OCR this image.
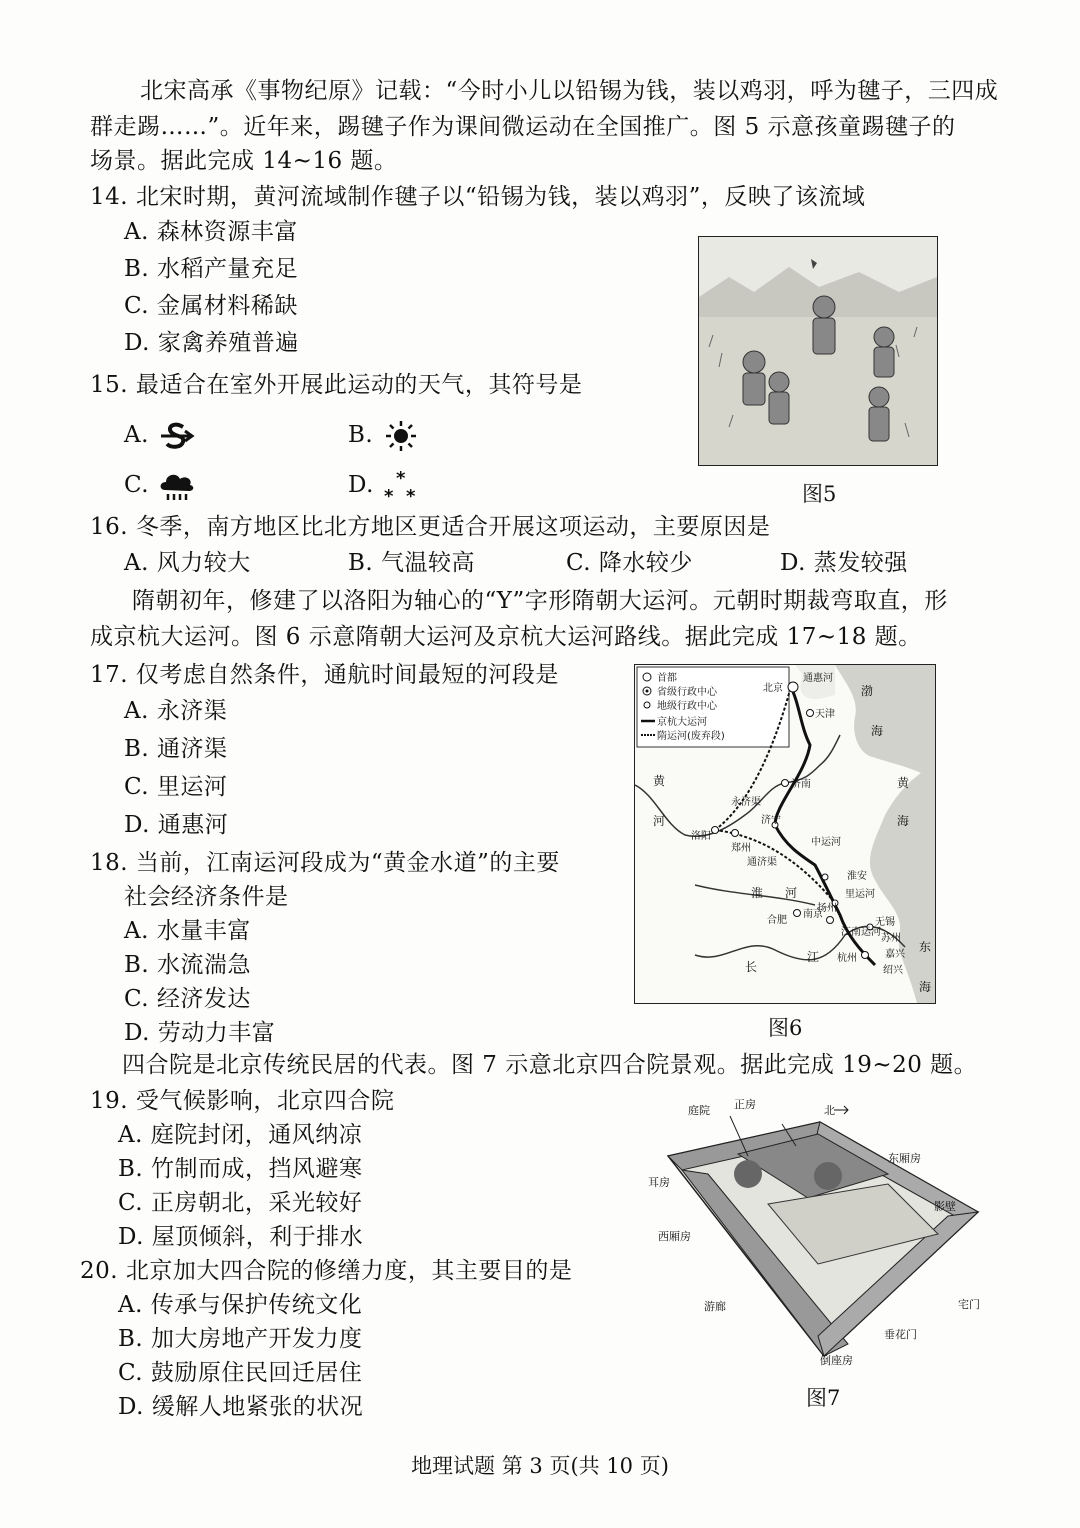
北宋高承《事物纪原》记载：“今时小儿以铅锡为钱，装以鸡羽，呼为毽子，三四成
群走踢……”。近年来，踢毽子作为课间微运动在全国推广。图 5 示意孩童踢毽子的
场景。据此完成 14~16 题。
14. 北宋时期，黄河流域制作毽子以“铅锡为钱，装以鸡羽”，反映了该流域
A. 森林资源丰富
B. 水稻产量充足
C. 金属材料稀缺
D. 家禽养殖普遍
15. 最适合在室外开展此运动的天气，其符号是
A.	B.
C.	D. *
* *	图5
16. 冬季，南方地区比北方地区更适合开展这项运动，主要原因是
A. 风力较大	B. 气温较高	C. 降水较少	D. 蒸发较强
隋朝初年，修建了以洛阳为轴心的“Y”字形隋朝大运河。元朝时期裁弯取直，形
成京杭大运河。图 6 示意隋朝大运河及京杭大运河路线。据此完成 17~18 题。
17. 仅考虑自然条件，通航时间最短的河段是
A. 永济渠
B. 通济渠
C. 里运河
D. 通惠河
18. 当前，江南运河段成为“黄金水道”的主要
社会经济条件是
A. 水量丰富
B. 水流湍急
C. 经济发达
D. 劳动力丰富
首都
省级行政中心
地级行政中心
京杭大运河
隋运河(废弃段)
北京
通惠河
天津
渤
海
济南	黄
海
黄
河
永济渠
济宁
洛阳
郑州
通济渠
中运河
淮安
淮 河
扬州
里运河
合肥
南京
无锡
苏州
江南运河
嘉兴
杭州
绍兴
长
江
东
海
图6
四合院是北京传统民居的代表。图 7 示意北京四合院景观。据此完成 19~20 题。
19. 受气候影响，北京四合院
A. 庭院封闭，通风纳凉
B. 竹制而成，挡风避寒
C. 正房朝北，采光较好
D. 屋顶倾斜，利于排水
20. 北京加大四合院的修缮力度，其主要目的是
A. 传承与保护传统文化
B. 加大房地产开发力度
C. 鼓励原住民回迁居住
D. 缓解人地紧张的状况
庭院 正房	北
东厢房
耳房
影壁
西厢房
游廊	宅门
垂花门
倒座房
图7
地理试题 第 3 页(共 10 页)
